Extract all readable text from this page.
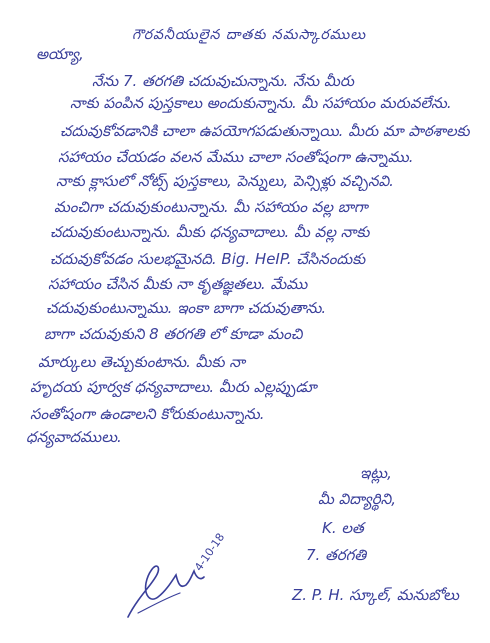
గౌరవనీయులైన దాతకు నమస్కారములు
అయ్యా,
నేను 7. తరగతి చదువుచున్నాను. నేను మీరు
నాకు పంపిన పుస్తకాలు అందుకున్నాను. మీ సహాయం మరువలేను.
చదువుకోవడానికి చాలా ఉపయోగపడుతున్నాయి. మీరు మా పాఠశాలకు
సహాయం చేయడం వలన మేము చాలా సంతోషంగా ఉన్నాము.
నాకు క్లాసులో నోట్స్ పుస్తకాలు, పెన్నులు, పెన్సిళ్లు వచ్చినవి.
మంచిగా చదువుకుంటున్నాను. మీ సహాయం వల్ల బాగా
చదువుకుంటున్నాను. మీకు ధన్యవాదాలు. మీ వల్ల నాకు
చదువుకోవడం సులభమైనది. Big. HeIP. చేసినందుకు
సహాయం చేసిన మీకు నా కృతజ్ఞతలు. మేము
చదువుకుంటున్నాము. ఇంకా బాగా చదువుతాను.
బాగా చదువుకుని 8 తరగతి లో కూడా మంచి
మార్కులు తెచ్చుకుంటాను. మీకు నా
హృదయ పూర్వక ధన్యవాదాలు. మీరు ఎల్లప్పుడూ
సంతోషంగా ఉండాలని కోరుకుంటున్నాను.
ధన్యవాదములు.
ఇట్లు,
మీ విద్యార్థిని,
K. లత
7. తరగతి
Z. P. H. స్కూల్, మనుబోలు
4-10-18
